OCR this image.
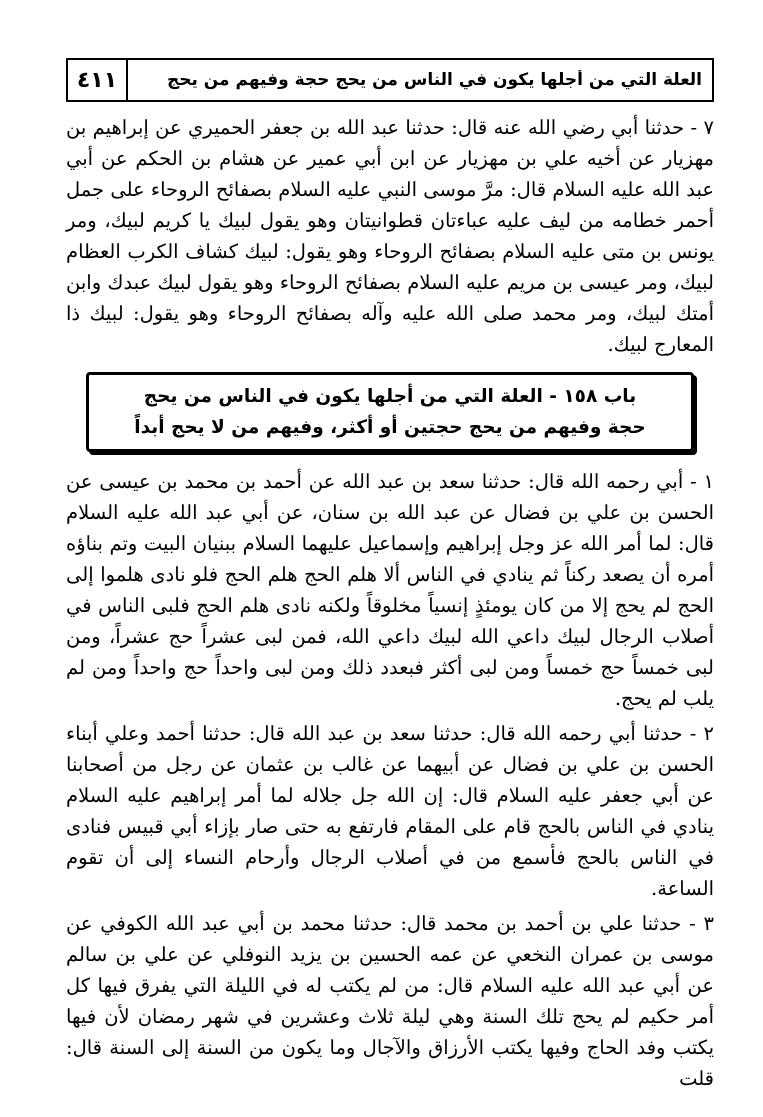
٤١١	العلة التي من أجلها يكون في الناس من يحج حجة وفيهم من يحج

٧ - حدثنا أبي رضي الله عنه قال: حدثنا عبد الله بن جعفر الحميري عن إبراهيم بن مهزيار عن أخيه علي بن مهزيار عن ابن أبي عمير عن هشام بن الحكم عن أبي عبد الله عليه السلام قال: مرَّ موسى النبي عليه السلام بصفائح الروحاء على جمل أحمر خطامه من ليف عليه عباءتان قطوانيتان وهو يقول لبيك يا كريم لبيك، ومر يونس بن متى عليه السلام بصفائح الروحاء وهو يقول: لبيك كشاف الكرب العظام لبيك، ومر عيسى بن مريم عليه السلام بصفائح الروحاء وهو يقول لبيك عبدك وابن أمتك لبيك، ومر محمد صلى الله عليه وآله بصفائح الروحاء وهو يقول: لبيك ذا المعارج لبيك.

باب ١٥٨ - العلة التي من أجلها يكون في الناس من يحج
حجة وفيهم من يحج حجتين أو أكثر، وفيهم من لا يحج أبداً

١ - أبي رحمه الله قال: حدثنا سعد بن عبد الله عن أحمد بن محمد بن عيسى عن الحسن بن علي بن فضال عن عبد الله بن سنان، عن أبي عبد الله عليه السلام قال: لما أمر الله عز وجل إبراهيم وإسماعيل عليهما السلام ببنيان البيت وتم بناؤه أمره أن يصعد ركناً ثم ينادي في الناس ألا هلم الحج هلم الحج فلو نادى هلموا إلى الحج لم يحج إلا من كان يومئذٍ إنسياً مخلوقاً ولكنه نادى هلم الحج فلبى الناس في أصلاب الرجال لبيك داعي الله لبيك داعي الله، فمن لبى عشراً حج عشراً، ومن لبى خمساً حج خمساً ومن لبى أكثر فبعدد ذلك ومن لبى واحداً حج واحداً ومن لم يلب لم يحج.

٢ - حدثنا أبي رحمه الله قال: حدثنا سعد بن عبد الله قال: حدثنا أحمد وعلي أبناء الحسن بن علي بن فضال عن أبيهما عن غالب بن عثمان عن رجل من أصحابنا عن أبي جعفر عليه السلام قال: إن الله جل جلاله لما أمر إبراهيم عليه السلام ينادي في الناس بالحج قام على المقام فارتفع به حتى صار بإزاء أبي قبيس فنادى في الناس بالحج فأسمع من في أصلاب الرجال وأرحام النساء إلى أن تقوم الساعة.

٣ - حدثنا علي بن أحمد بن محمد قال: حدثنا محمد بن أبي عبد الله الكوفي عن موسى بن عمران النخعي عن عمه الحسين بن يزيد النوفلي عن علي بن سالم عن أبي عبد الله عليه السلام قال: من لم يكتب له في الليلة التي يفرق فيها كل أمر حكيم لم يحج تلك السنة وهي ليلة ثلاث وعشرين في شهر رمضان لأن فيها يكتب وفد الحاج وفيها يكتب الأرزاق والآجال وما يكون من السنة إلى السنة قال: قلت
